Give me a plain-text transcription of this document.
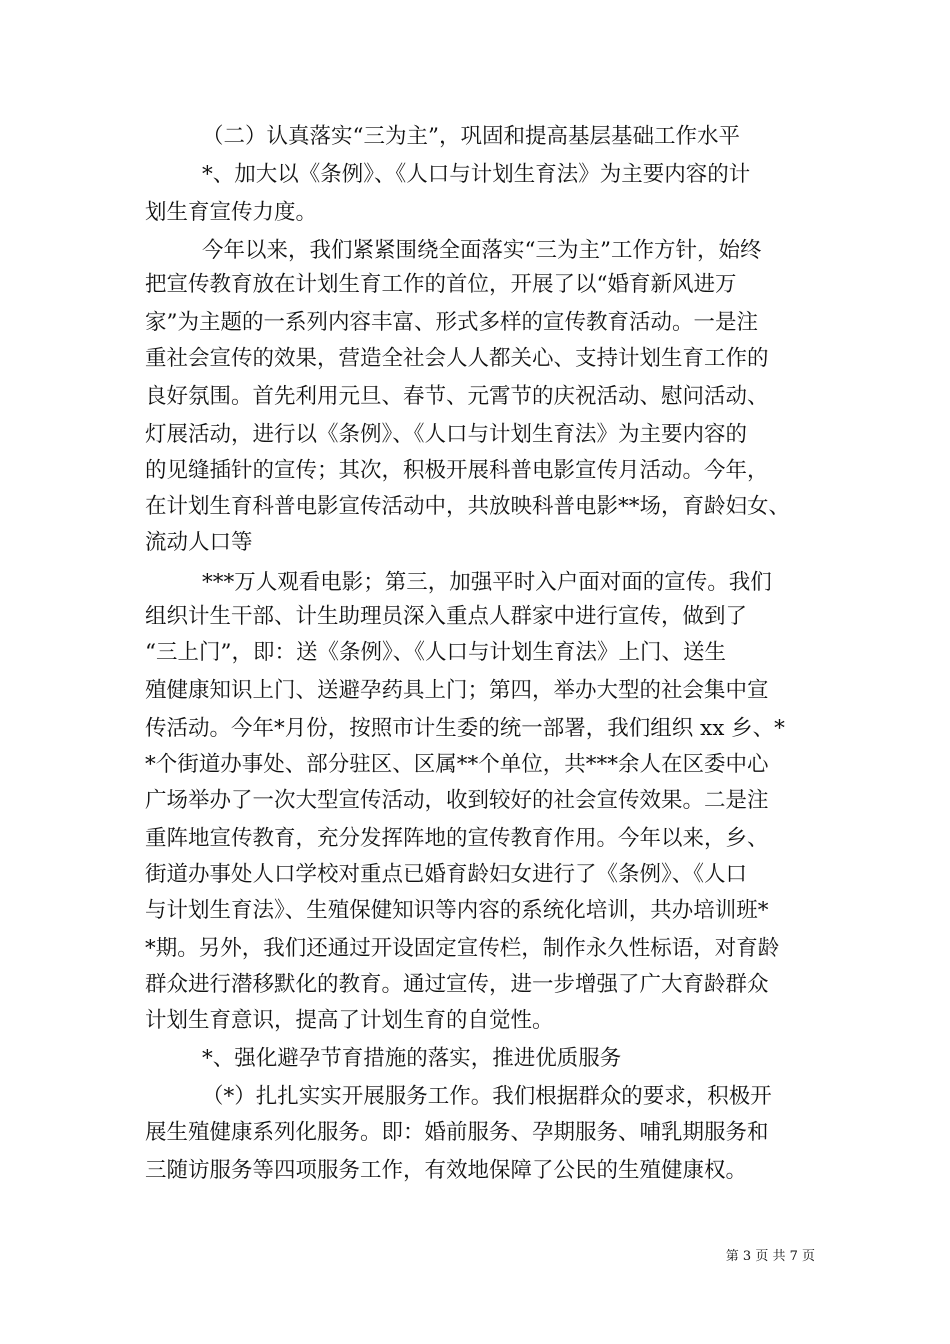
（二）认真落实“三为主”，巩固和提高基层基础工作水平
*、加大以《条例》、《人口与计划生育法》为主要内容的计
划生育宣传力度。
今年以来，我们紧紧围绕全面落实“三为主”工作方针，始终
把宣传教育放在计划生育工作的首位，开展了以“婚育新风进万
家”为主题的一系列内容丰富、形式多样的宣传教育活动。一是注
重社会宣传的效果，营造全社会人人都关心、支持计划生育工作的
良好氛围。首先利用元旦、春节、元霄节的庆祝活动、慰问活动、
灯展活动，进行以《条例》、《人口与计划生育法》为主要内容的
的见缝插针的宣传；其次，积极开展科普电影宣传月活动。今年，
在计划生育科普电影宣传活动中，共放映科普电影**场，育龄妇女、
流动人口等
***万人观看电影；第三，加强平时入户面对面的宣传。我们
组织计生干部、计生助理员深入重点人群家中进行宣传，做到了
“三上门”，即：送《条例》、《人口与计划生育法》上门、送生
殖健康知识上门、送避孕药具上门；第四，举办大型的社会集中宣
传活动。今年*月份，按照市计生委的统一部署，我们组织 xx 乡、*
*个街道办事处、部分驻区、区属**个单位，共***余人在区委中心
广场举办了一次大型宣传活动，收到较好的社会宣传效果。二是注
重阵地宣传教育，充分发挥阵地的宣传教育作用。今年以来，乡、
街道办事处人口学校对重点已婚育龄妇女进行了《条例》、《人口
与计划生育法》、生殖保健知识等内容的系统化培训，共办培训班*
*期。另外，我们还通过开设固定宣传栏，制作永久性标语，对育龄
群众进行潜移默化的教育。通过宣传，进一步增强了广大育龄群众
计划生育意识，提高了计划生育的自觉性。
*、强化避孕节育措施的落实，推进优质服务
（*）扎扎实实开展服务工作。我们根据群众的要求，积极开
展生殖健康系列化服务。即：婚前服务、孕期服务、哺乳期服务和
三随访服务等四项服务工作，有效地保障了公民的生殖健康权。
第 3 页 共 7 页
